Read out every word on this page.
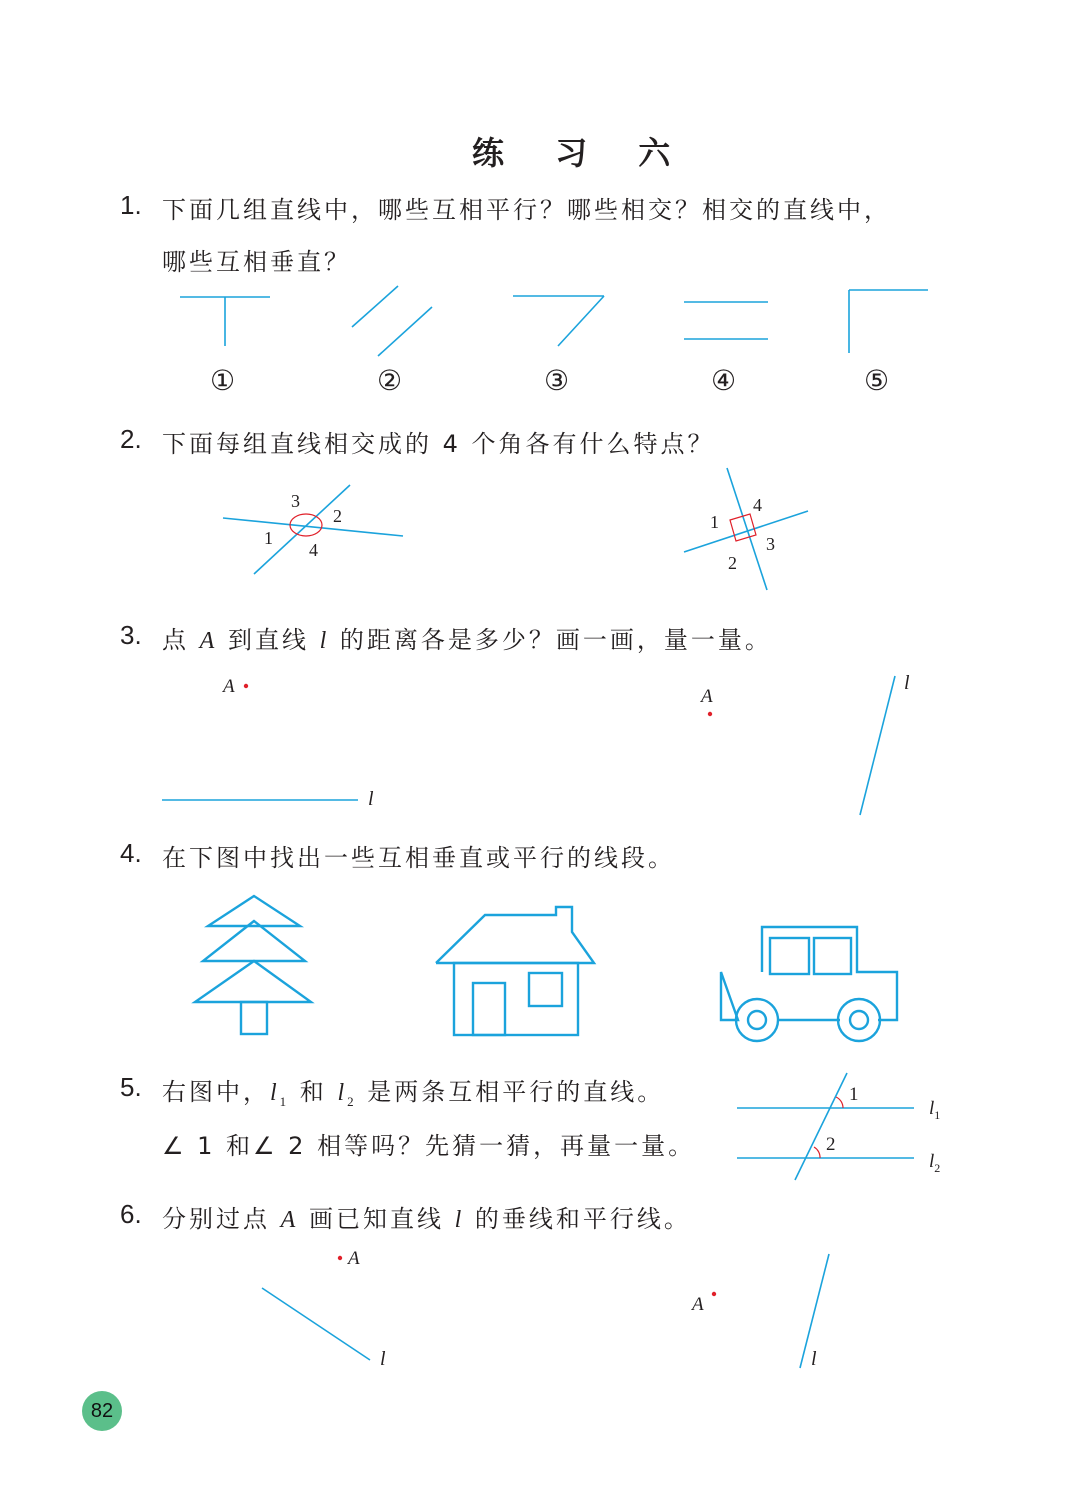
练 习 六
1. 下面几组直线中，哪些互相平行？哪些相交？相交的直线中，
哪些互相垂直？
①	②	③	④	⑤
2. 下面每组直线相交成的 4 个角各有什么特点？
3
2
1
4
4
1
3
2
3. 点 A 到直线 l 的距离各是多少？画一画，量一量。
A	A
l
l
4. 在下图中找出一些互相垂直或平行的线段。
5. 右图中，$l_1$ 和 $l_2$ 是两条互相平行的直线。
∠ 1 和∠ 2 相等吗？先猜一猜，再量一量。
1
2
$l_1$
$l_2$
6. 分别过点 A 画已知直线 l 的垂线和平行线。
A
A
l	l
82
